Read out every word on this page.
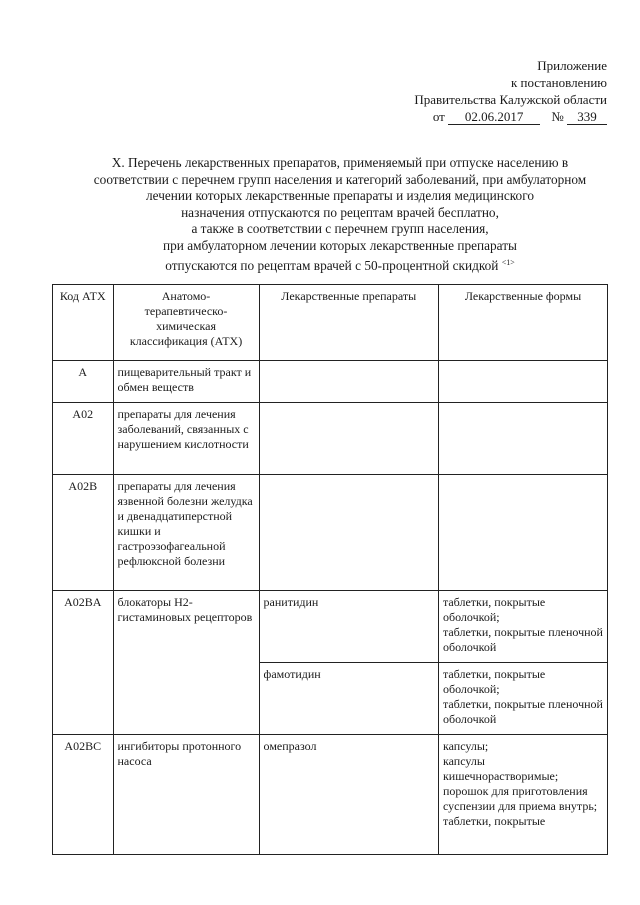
Приложение
к постановлению
Правительства Калужской области
от 02.06.2017 № 339
X. Перечень лекарственных препаратов, применяемый при отпуске населению в
соответствии с перечнем групп населения и категорий заболеваний, при амбулаторном
лечении которых лекарственные препараты и изделия медицинского
назначения отпускаются по рецептам врачей бесплатно,
а также в соответствии с перечнем групп населения,
при амбулаторном лечении которых лекарственные препараты
отпускаются по рецептам врачей с 50-процентной скидкой $^{<1>}$
Код АТХ	Анатомо-терапевтическо-химическая классификация (АТХ)	Лекарственные препараты	Лекарственные формы
А	пищеварительный тракт и обмен веществ		
A02	препараты для лечения заболеваний, связанных с нарушением кислотности		
A02B	препараты для лечения язвенной болезни желудка и двенадцатиперстной кишки и гастроэзофагеальной рефлюксной болезни		
A02BA	блокаторы Н2-гистаминовых рецепторов	ранитидин	таблетки, покрытые оболочкой;
таблетки, покрытые пленочной оболочкой

		фамотидин	таблетки, покрытые оболочкой;
таблетки, покрытые пленочной оболочкой

A02BC	ингибиторы протонного насоса	омепразол	капсулы;
капсулы кишечнорастворимые;
порошок для приготовления суспензии для приема внутрь;
таблетки, покрытые
